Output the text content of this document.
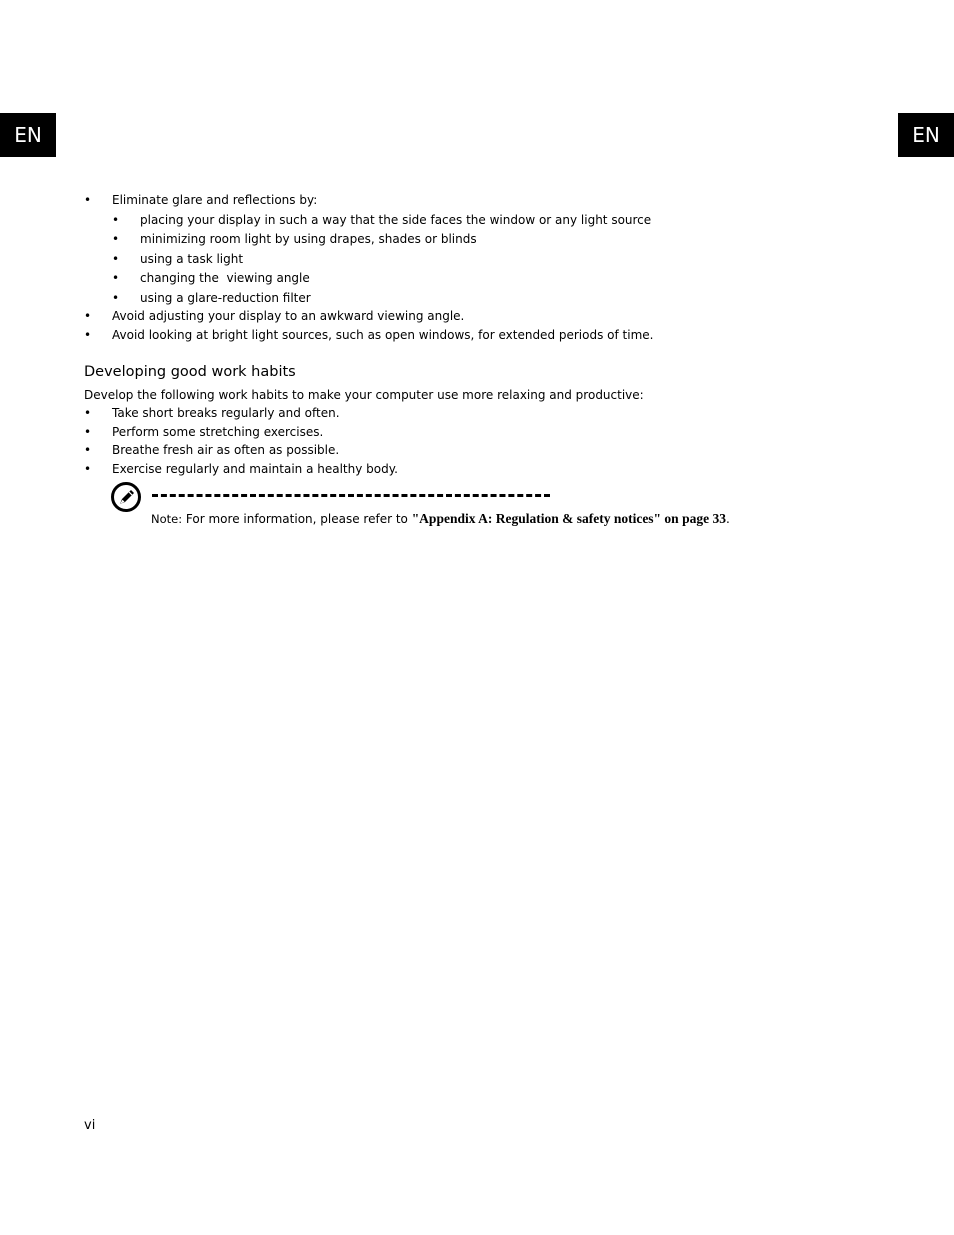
EN	EN
• Eliminate glare and reflections by:
• placing your display in such a way that the side faces the window or any light source
• minimizing room light by using drapes, shades or blinds
• using a task light
• changing the  viewing angle
• using a glare-reduction filter
• Avoid adjusting your display to an awkward viewing angle.
• Avoid looking at bright light sources, such as open windows, for extended periods of time.
Developing good work habits
Develop the following work habits to make your computer use more relaxing and productive:
• Take short breaks regularly and often.
• Perform some stretching exercises.
• Breathe fresh air as often as possible.
• Exercise regularly and maintain a healthy body.
Note: For more information, please refer to "Appendix A: Regulation & safety notices" on page 33.
vi
